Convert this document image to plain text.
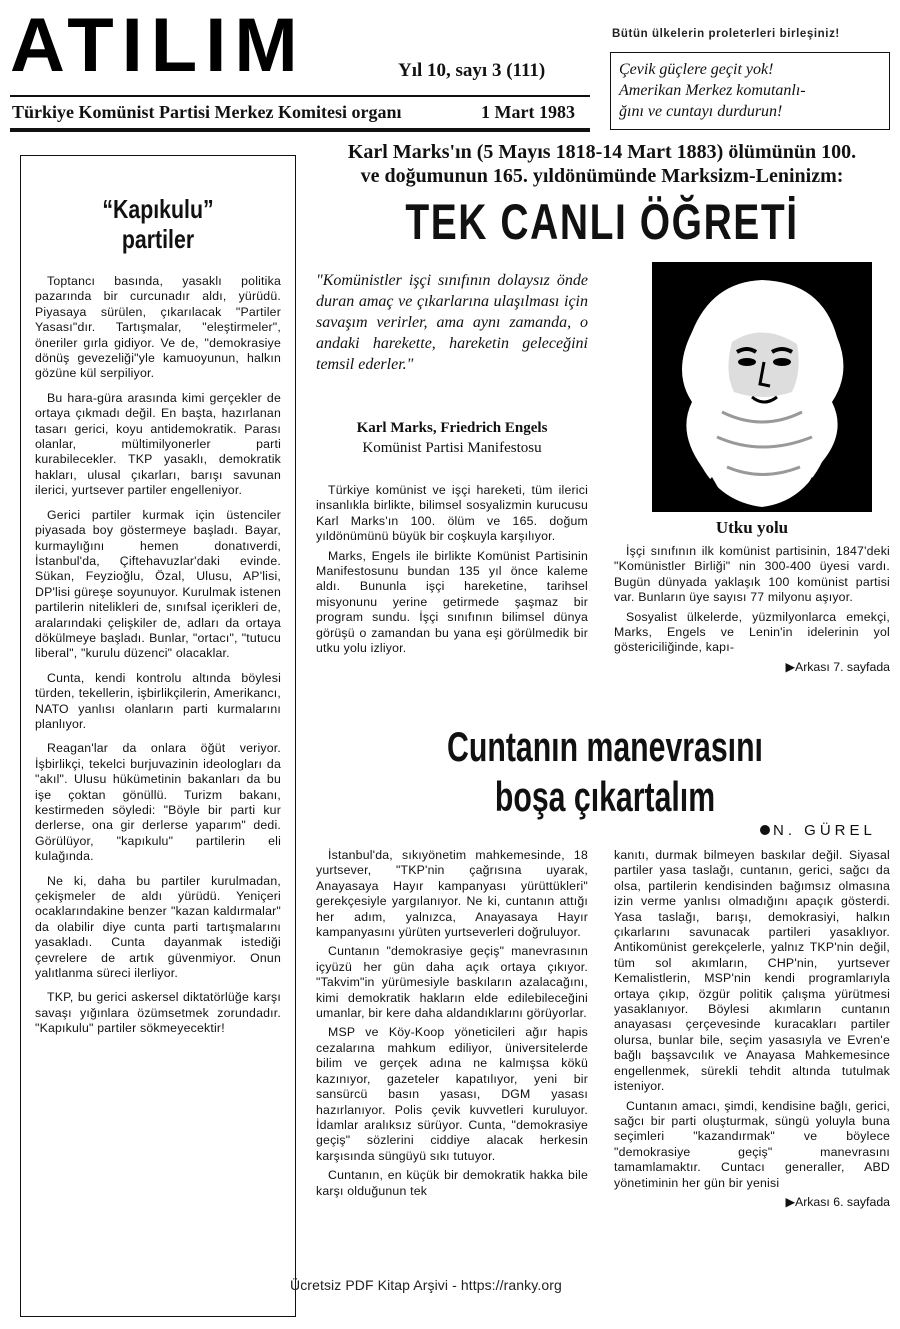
ATILIM	Yıl 10, sayı 3 (111)
Türkiye Komünist Partisi Merkez Komitesi organı	1 Mart 1983
Bütün ülkelerin proleterleri birleşiniz!
Çevik güçlere geçit yok!
Amerikan Merkez komutanlı-
ğını ve cuntayı durdurun!
“Kapıkulu”
partiler

Toptancı basında, yasaklı politika pazarında bir curcunadır aldı, yürüdü. Piyasaya sürülen, çıkarılacak "Partiler Yasası"dır. Tartışmalar, "eleştirmeler", öneriler gırla gidiyor. Ve de, "demokrasiye dönüş gevezeliği"yle kamuoyunun, halkın gözüne kül serpiliyor.

Bu hara-güra arasında kimi gerçekler de ortaya çıkmadı değil. En başta, hazırlanan tasarı gerici, koyu antidemokratik. Parası olanlar, mültimilyonerler parti kurabilecekler. TKP yasaklı, demokratik hakları, ulusal çıkarları, barışı savunan ilerici, yurtsever partiler engelleniyor.

Gerici partiler kurmak için üstenciler piyasada boy göstermeye başladı. Bayar, kurmaylığını hemen donatıverdi, İstanbul'da, Çiftehavuzlar'daki evinde. Sükan, Feyzioğlu, Özal, Ulusu, AP'lisi, DP'lisi güreşe soyunuyor. Kurulmak istenen partilerin nitelikleri de, sınıfsal içerikleri de, aralarındaki çelişkiler de, adları da ortaya dökülmeye başladı. Bunlar, "ortacı", "tutucu liberal", "kurulu düzenci" olacaklar.

Cunta, kendi kontrolu altında böylesi türden, tekellerin, işbirlikçilerin, Amerikancı, NATO yanlısı olanların parti kurmalarını planlıyor.

Reagan'lar da onlara öğüt veriyor. İşbirlikçi, tekelci burjuvazinin ideologları da "akıl". Ulusu hükümetinin bakanları da bu işe çoktan gönüllü. Turizm bakanı, kestirmeden söyledi: "Böyle bir parti kur derlerse, ona gir derlerse yaparım" dedi. Görülüyor, "kapıkulu" partilerin eli kulağında.

Ne ki, daha bu partiler kurulmadan, çekişmeler de aldı yürüdü. Yeniçeri ocaklarındakine benzer "kazan kaldırmalar" da olabilir diye cunta parti tartışmalarını yasakladı. Cunta dayanmak istediği çevrelere de artık güvenmiyor. Onun yalıtlanma süreci ilerliyor.

TKP, bu gerici askersel diktatörlüğe karşı savaşı yığınlara özümsetmek zorundadır. "Kapıkulu" partiler sökmeyecektir!

Karl Marks'ın (5 Mayıs 1818-14 Mart 1883) ölümünün 100.
ve doğumunun 165. yıldönümünde Marksizm-Leninizm:
TEK CANLI ÖĞRETİ
"Komünistler işçi sınıfının dolaysız önde duran amaç ve çıkarlarına ulaşılması için savaşım verirler, ama aynı zamanda, o andaki harekette, hareketin geleceğini temsil ederler."
Karl Marks, Friedrich Engels
Komünist Partisi Manifestosu

Türkiye komünist ve işçi hareketi, tüm ilerici insanlıkla birlikte, bilimsel sosyalizmin kurucusu Karl Marks'ın 100. ölüm ve 165. doğum yıldönümünü büyük bir coşkuyla karşılıyor.

Marks, Engels ile birlikte Komünist Partisinin Manifestosunu bundan 135 yıl önce kaleme aldı. Bununla işçi hareketine, tarihsel misyonunu yerine getirmede şaşmaz bir program sundu. İşçi sınıfının bilimsel dünya görüşü o zamandan bu yana eşi görülmedik bir utku yolu izliyor.

Utku yolu

İşçi sınıfının ilk komünist partisinin, 1847'deki "Komünistler Birliği" nin 300-400 üyesi vardı. Bugün dünyada yaklaşık 100 komünist partisi var. Bunların üye sayısı 77 milyonu aşıyor.

Sosyalist ülkelerde, yüzmilyonlarca emekçi, Marks, Engels ve Lenin'in idelerinin yol göstericiliğinde, kapı-

▶Arkası 7. sayfada
Cuntanın manevrasını
boşa çıkartalım
N. GÜREL

İstanbul'da, sıkıyönetim mahkemesinde, 18 yurtsever, "TKP'nin çağrısına uyarak, Anayasaya Hayır kampanyası yürüttükleri" gerekçesiyle yargılanıyor. Ne ki, cuntanın attığı her adım, yalnızca, Anayasaya Hayır kampanyasını yürüten yurtseverleri doğruluyor.

Cuntanın "demokrasiye geçiş" manevrasının içyüzü her gün daha açık ortaya çıkıyor. "Takvim"in yürümesiyle baskıların azalacağını, kimi demokratik hakların elde edilebileceğini umanlar, bir kere daha aldandıklarını görüyorlar.

MSP ve Köy-Koop yöneticileri ağır hapis cezalarına mahkum ediliyor, üniversitelerde bilim ve gerçek adına ne kalmışsa kökü kazınıyor, gazeteler kapatılıyor, yeni bir sansürcü basın yasası, DGM yasası hazırlanıyor. Polis çevik kuvvetleri kuruluyor. İdamlar aralıksız sürüyor. Cunta, "demokrasiye geçiş" sözlerini ciddiye alacak herkesin karşısında süngüyü sıkı tutuyor.

Cuntanın, en küçük bir demokratik hakka bile karşı olduğunun tek

kanıtı, durmak bilmeyen baskılar değil. Siyasal partiler yasa taslağı, cuntanın, gerici, sağcı da olsa, partilerin kendisinden bağımsız olmasına izin verme yanlısı olmadığını apaçık gösterdi. Yasa taslağı, barışı, demokrasiyi, halkın çıkarlarını savunacak partileri yasaklıyor. Antikomünist gerekçelerle, yalnız TKP'nin değil, tüm sol akımların, CHP'nin, yurtsever Kemalistlerin, MSP'nin kendi programlarıyla ortaya çıkıp, özgür politik çalışma yürütmesi yasaklanıyor. Böylesi akımların cuntanın anayasası çerçevesinde kuracakları partiler olursa, bunlar bile, seçim yasasıyla ve Evren'e bağlı başsavcılık ve Anayasa Mahkemesince engellenmek, sürekli tehdit altında tutulmak isteniyor.

Cuntanın amacı, şimdi, kendisine bağlı, gerici, sağcı bir parti oluşturmak, süngü yoluyla buna seçimleri "kazandırmak" ve böylece "demokrasiye geçiş" manevrasını tamamlamaktır. Cuntacı generaller, ABD yönetiminin her gün bir yenisi

▶Arkası 6. sayfada
Ücretsiz PDF Kitap Arşivi - https://ranky.org
